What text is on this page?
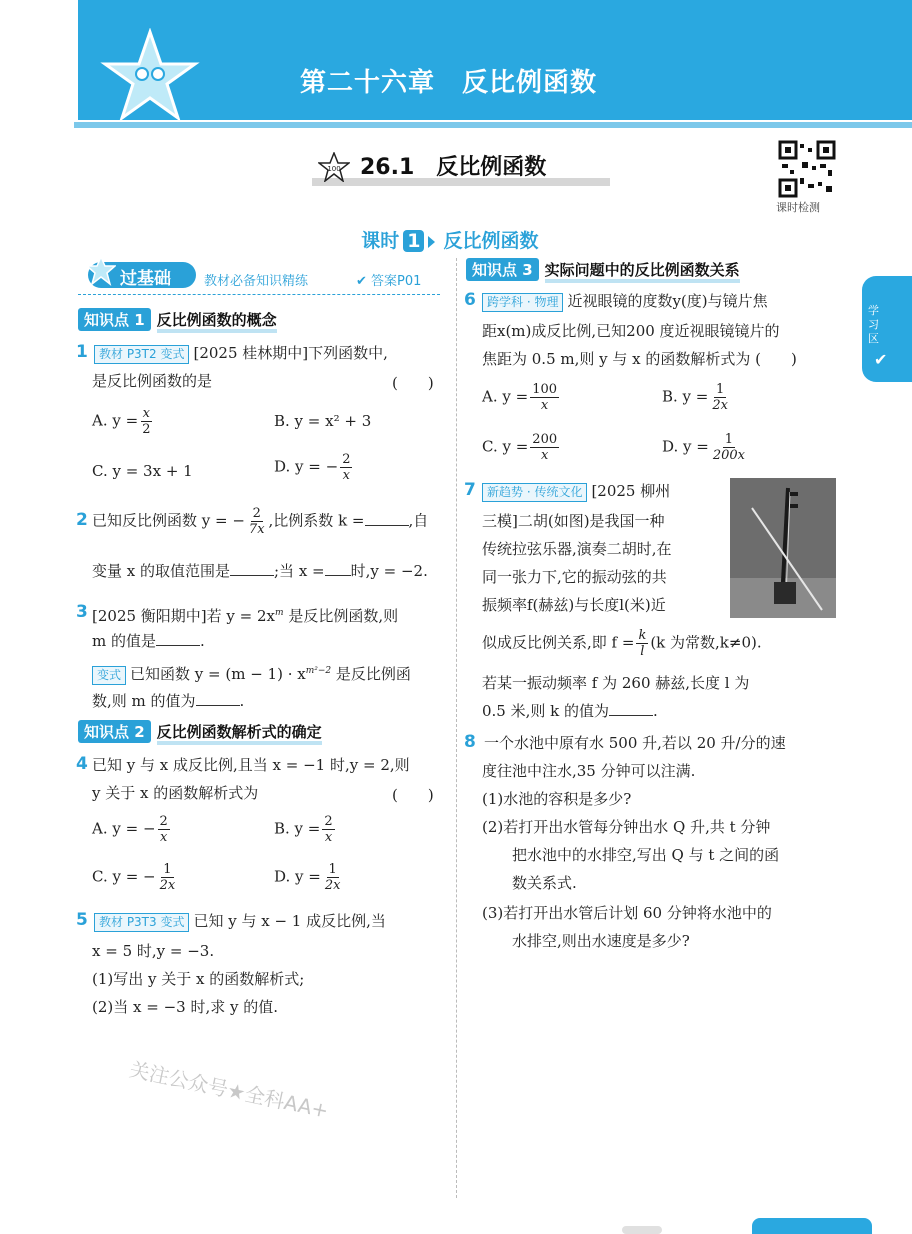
第二十六章　反比例函数
课时检测
100 26.1　反比例函数

课时 1 反比例函数

学习区
✔
过基础	教材必备知识精练	✔ 答案P01
知识点 1 反比例函数的概念
1 教材 P3T2 变式 [2025 桂林期中]下列函数中,
是反比例函数的是	(　　)
A. $y = \frac{x}{2}$	B. y = x² + 3
C. y = 3x + 1	D. y = − $\frac{2}{x}$
2 已知反比例函数 y = − $\frac{2}{7x}$ ,比例系数 k =	,自
变量 x 的取值范围是	;当 x = 时,y = −2.
3 [2025 衡阳期中]若 $y = 2x^m$ 是反比例函数,则
m 的值是	.
变式 已知函数 $y = (m - 1) \cdot x^{m^2-2}$ 是反比例函
数,则 m 的值为	.
知识点 2 反比例函数解析式的确定
4 已知 y 与 x 成反比例,且当 x = −1 时,y = 2,则
y 关于 x 的函数解析式为	(　　)
A. y = − $\frac{2}{x}$	B. $y = \frac{2}{x}$
C. y = − $\frac{1}{2x}$	D. $y = \frac{1}{2x}$
5 教材 P3T3 变式 已知 y 与 x − 1 成反比例,当
x = 5 时,y = −3.
(1)写出 y 关于 x 的函数解析式;
(2)当 x = −3 时,求 y 的值.
关注公众号★全科AA+
知识点 3 实际问题中的反比例函数关系
6 跨学科 · 物理 近视眼镜的度数y(度)与镜片焦
距x(m)成反比例,已知200 度近视眼镜镜片的
焦距为 0.5 m,则 y 与 x 的函数解析式为 (　　)
A. $y = \frac{100}{x}$	B. $y = \frac{1}{2x}$
C. $y = \frac{200}{x}$	D. $y = \frac{1}{200x}$
7 新趋势 · 传统文化 [2025 柳州
三模]二胡(如图)是我国一种
传统拉弦乐器,演奏二胡时,在
同一张力下,它的振动弦的共
振频率f(赫兹)与长度l(米)近
似成反比例关系,即 $f = \frac{k}{l} (k$ 为常数,k≠0).
若某一振动频率 f 为 260 赫兹,长度 l 为
0.5 米,则 k 的值为	.
8 一个水池中原有水 500 升,若以 20 升/分的速
度往池中注水,35 分钟可以注满.
(1)水池的容积是多少?
(2)若打开出水管每分钟出水 Q 升,共 t 分钟
把水池中的水排空,写出 Q 与 t 之间的函
数关系式.
(3)若打开出水管后计划 60 分钟将水池中的
水排空,则出水速度是多少?
